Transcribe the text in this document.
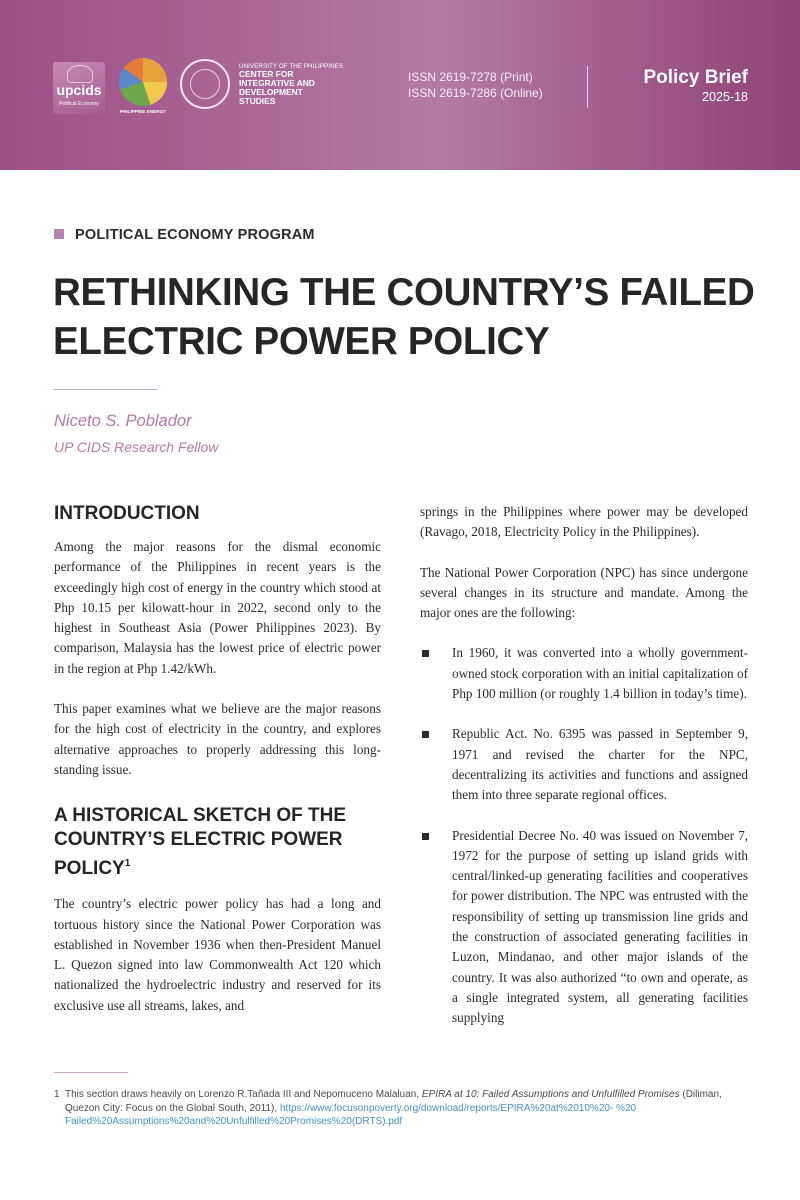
upcids
Political Economy
PHILIPPINE ENERGY
UNIVERSITY OF THE PHILIPPINES
CENTER FOR
INTEGRATIVE AND
DEVELOPMENT
STUDIES
ISSN 2619-7278 (Print)
ISSN 2619-7286 (Online)
Policy Brief
2025-18
POLITICAL ECONOMY PROGRAM
RETHINKING THE COUNTRY’S FAILED
ELECTRIC POWER POLICY
Niceto S. Poblador
UP CIDS Research Fellow
INTRODUCTION

Among the major reasons for the dismal economic performance of the Philippines in recent years is the exceedingly high cost of energy in the country which stood at Php 10.15 per kilowatt-hour in 2022, second only to the highest in Southeast Asia (Power Philippines 2023). By comparison, Malaysia has the lowest price of electric power in the region at Php 1.42/kWh.

This paper examines what we believe are the major reasons for the high cost of electricity in the country, and explores alternative approaches to properly addressing this long-standing issue.

A HISTORICAL SKETCH OF THE COUNTRY’S ELECTRIC POWER POLICY$^1$

The country’s electric power policy has had a long and tortuous history since the National Power Corporation was established in November 1936 when then-President Manuel L. Quezon signed into law Commonwealth Act 120 which nationalized the hydroelectric industry and reserved for its exclusive use all streams, lakes, and

springs in the Philippines where power may be developed (Ravago, 2018, Electricity Policy in the Philippines).

The National Power Corporation (NPC) has since undergone several changes in its structure and mandate. Among the major ones are the following:

In 1960, it was converted into a wholly government-owned stock corporation with an initial capitalization of Php 100 million (or roughly 1.4 billion in today’s time).
Republic Act. No. 6395 was passed in September 9, 1971 and revised the charter for the NPC, decentralizing its activities and functions and assigned them into three separate regional offices.
Presidential Decree No. 40 was issued on November 7, 1972 for the purpose of setting up island grids with central/linked-up generating facilities and cooperatives for power distribution. The NPC was entrusted with the responsibility of setting up transmission line grids and the construction of associated generating facilities in Luzon, Mindanao, and other major islands of the country. It was also authorized “to own and operate, as a single integrated system, all generating facilities supplying
1 This section draws heavily on Lorenzo R.Tañada III and Nepomuceno Malaluan, EPIRA at 10: Failed Assumptions and Unfulfilled Promises (Diliman, Quezon City: Focus on the Global South, 2011), https://www.focusonpoverty.org/download/reports/EPIRA%20at%2010%20- %20 Failed%20Assumptions%20and%20Unfulfilled%20Promises%20(DRTS).pdf
